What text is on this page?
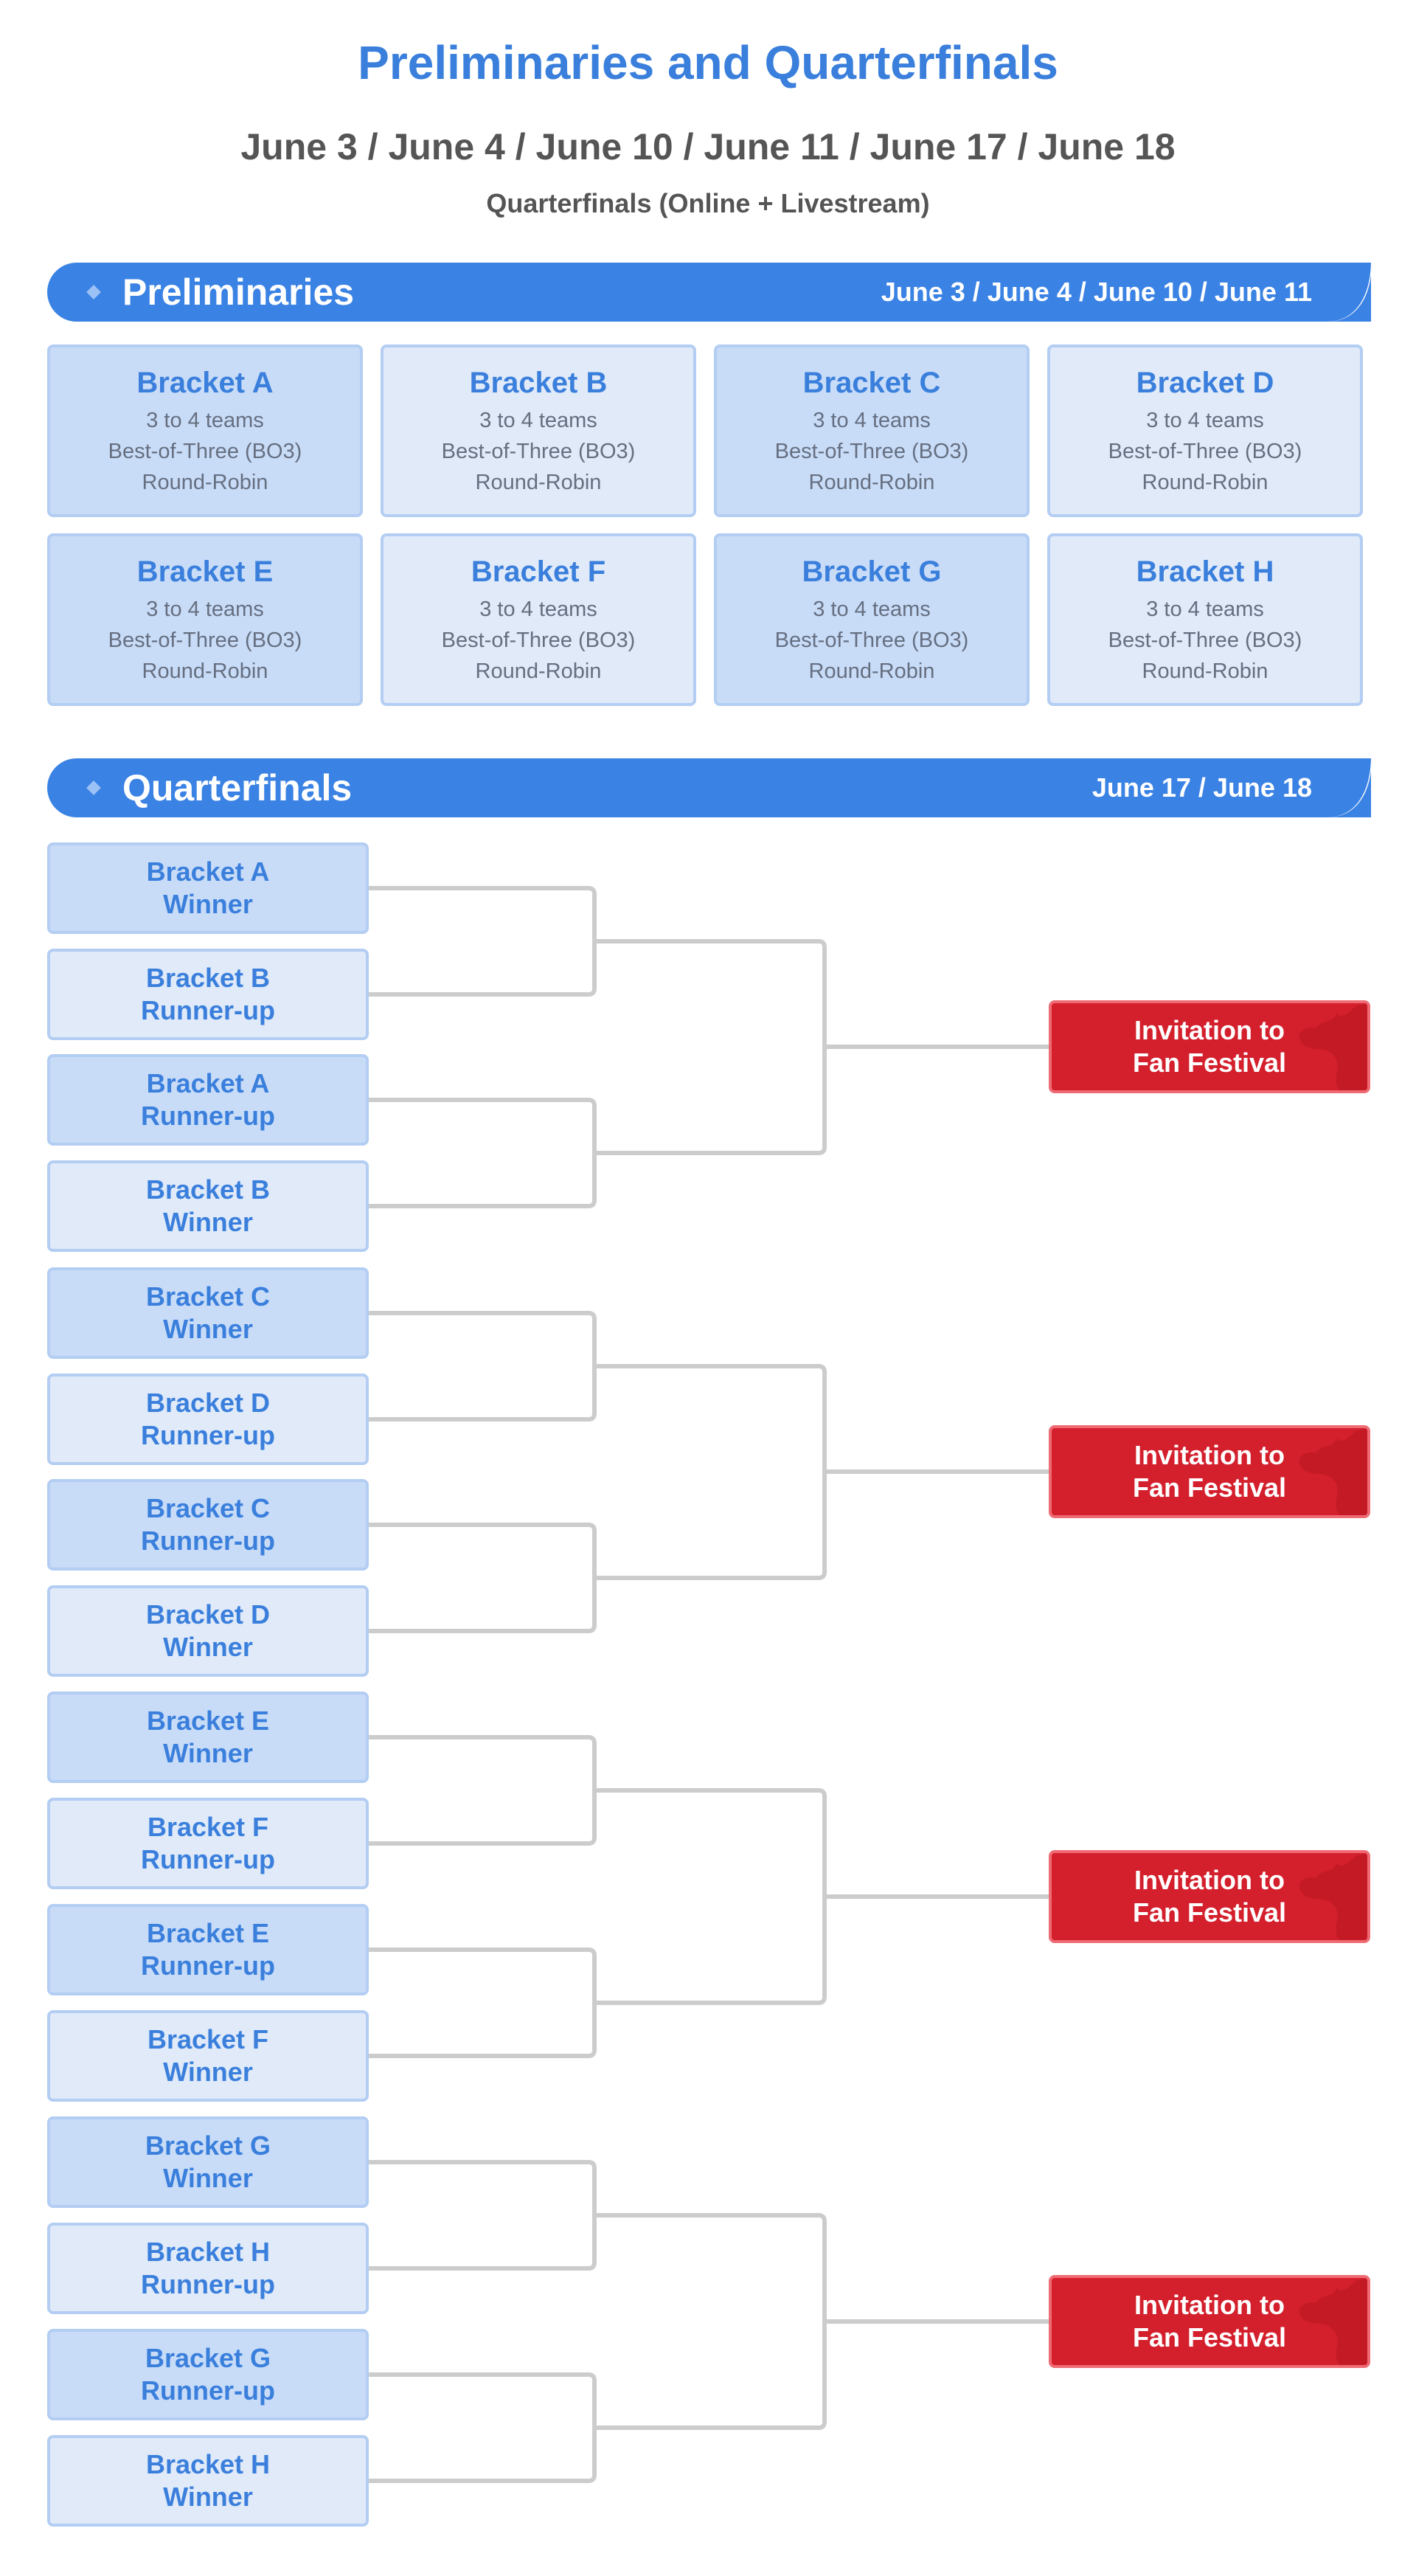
Preliminaries and Quarterfinals
June 3 / June 4 / June 10 / June 11 / June 17 / June 18
Quarterfinals (Online + Livestream)
Preliminaries	June 3 / June 4 / June 10 / June 11
Bracket A
3 to 4 teams
Best-of-Three (BO3)
Round-Robin
Bracket B
3 to 4 teams
Best-of-Three (BO3)
Round-Robin
Bracket C
3 to 4 teams
Best-of-Three (BO3)
Round-Robin
Bracket D
3 to 4 teams
Best-of-Three (BO3)
Round-Robin
Bracket E
3 to 4 teams
Best-of-Three (BO3)
Round-Robin
Bracket F
3 to 4 teams
Best-of-Three (BO3)
Round-Robin
Bracket G
3 to 4 teams
Best-of-Three (BO3)
Round-Robin
Bracket H
3 to 4 teams
Best-of-Three (BO3)
Round-Robin
Quarterfinals	June 17 / June 18
Bracket A
Winner
Bracket B
Runner-up
Bracket A
Runner-up
Bracket B
Winner
Bracket C
Winner
Bracket D
Runner-up
Bracket C
Runner-up
Bracket D
Winner
Bracket E
Winner
Bracket F
Runner-up
Bracket E
Runner-up
Bracket F
Winner
Bracket G
Winner
Bracket H
Runner-up
Bracket G
Runner-up
Bracket H
Winner
Invitation to
Fan Festival
Invitation to
Fan Festival
Invitation to
Fan Festival
Invitation to
Fan Festival
